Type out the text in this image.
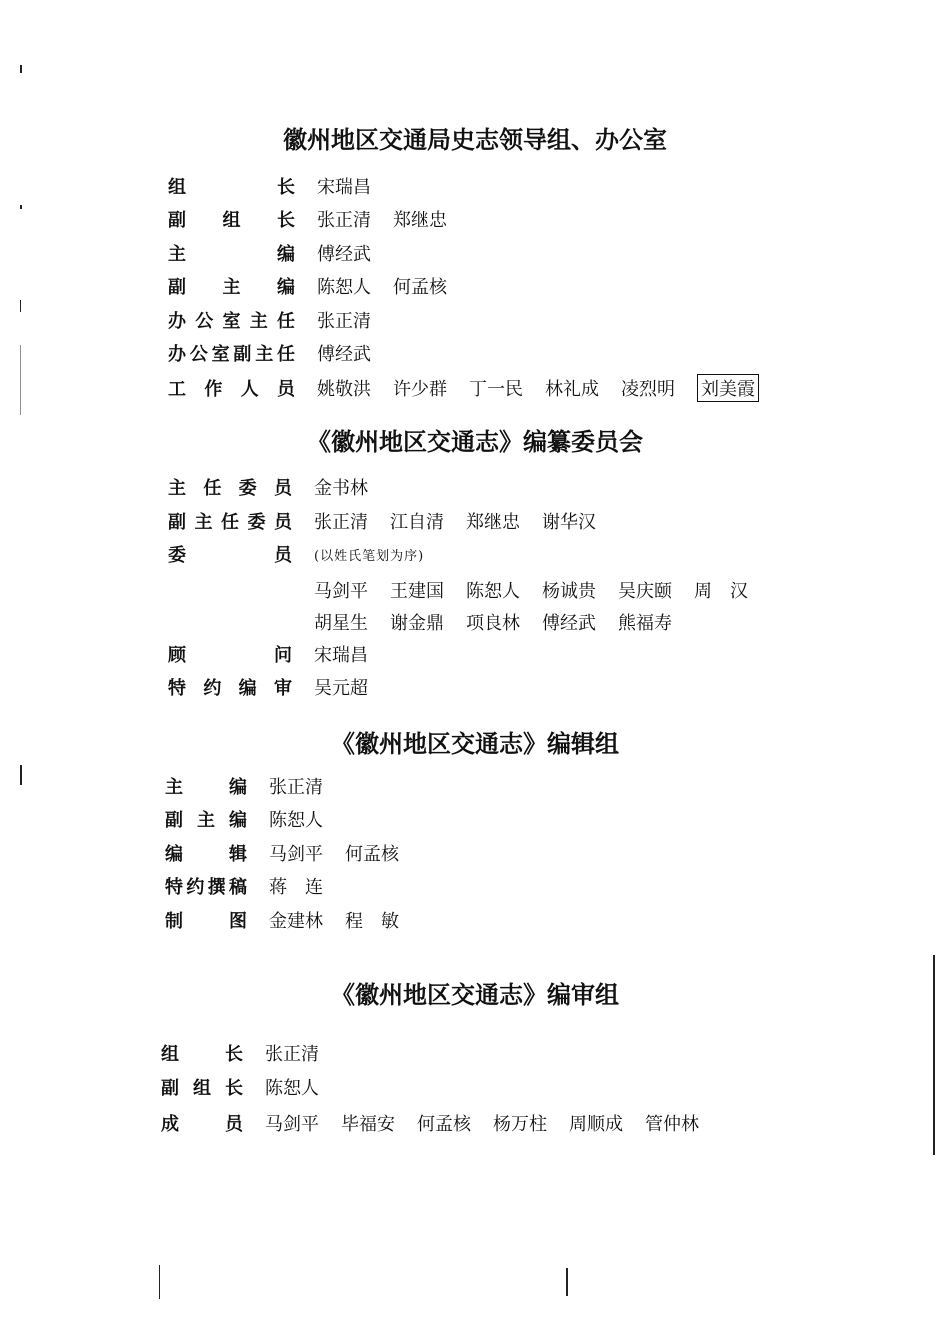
徽州地区交通局史志领导组、办公室
组	长 宋瑞昌
副 组 长 张正清 郑继忠
主	编 傅经武
副 主 编 陈恕人 何孟核
办 公 室 主 任 张正清
办 公 室 副 主 任 傅经武
工 作 人 员 姚敬洪 许少群 丁一民 林礼成 凌烈明 刘美霞
《徽州地区交通志》编纂委员会
主 任 委 员 金书林
副 主 任 委 员 张正清 江自清 郑继忠 谢华汉
委	员 (以姓氏笔划为序)
马剑平 王建国 陈恕人 杨诚贵 吴庆颐 周　汉
胡星生 谢金鼎 项良林 傅经武 熊福寿
顾	问 宋瑞昌
特 约 编 审 吴元超
《徽州地区交通志》编辑组
主	编 张正清
副 主 编 陈恕人
编	辑 马剑平 何孟核
特 约 撰 稿 蒋　连
制	图 金建林 程　敏
《徽州地区交通志》编审组
组	长 张正清
副 组 长 陈恕人
成	员 马剑平 毕福安 何孟核 杨万柱 周顺成 管仲林
